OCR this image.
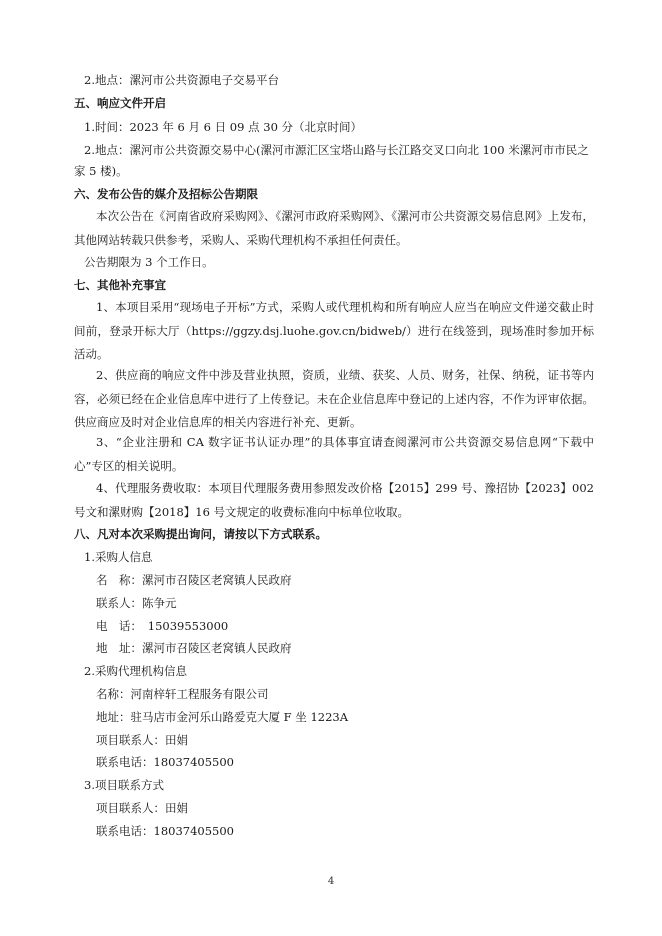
2.地点：漯河市公共资源电子交易平台
五、响应文件开启
1.时间：2023 年 6 月 6 日 09 点 30 分（北京时间）
2.地点：漯河市公共资源交易中心(漯河市源汇区宝塔山路与长江路交叉口向北 100 米漯河市市民之
家 5 楼)。
六、发布公告的媒介及招标公告期限
本次公告在《河南省政府采购网》、《漯河市政府采购网》、《漯河市公共资源交易信息网》上发布，其他网站转载只供参考，采购人、采购代理机构不承担任何责任。
公告期限为 3 个工作日。
七、其他补充事宜
1、本项目采用“现场电子开标”方式，采购人或代理机构和所有响应人应当在响应文件递交截止时间前，登录开标大厅（https://ggzy.dsj.luohe.gov.cn/bidweb/）进行在线签到，现场准时参加开标活动。
2、供应商的响应文件中涉及营业执照，资质，业绩、获奖、人员、财务，社保、纳税，证书等内容，必须已经在企业信息库中进行了上传登记。未在企业信息库中登记的上述内容，不作为评审依据。供应商应及时对企业信息库的相关内容进行补充、更新。
3、“企业注册和 CA 数字证书认证办理”的具体事宜请查阅漯河市公共资源交易信息网“下载中心”专区的相关说明。
4、代理服务费收取：本项目代理服务费用参照发改价格【2015】299 号、豫招协【2023】002 号文和漯财购【2018】16 号文规定的收费标准向中标单位收取。
八、凡对本次采购提出询问，请按以下方式联系。
1.采购人信息
名　称：漯河市召陵区老窝镇人民政府
联系人：陈争元
电　话：　15039553000
地　址：漯河市召陵区老窝镇人民政府
2.采购代理机构信息
名称：河南梓轩工程服务有限公司
地址：驻马店市金河乐山路爱克大厦 F 坐 1223A
项目联系人：田娟
联系电话：18037405500
3.项目联系方式
项目联系人：田娟
联系电话：18037405500
4
